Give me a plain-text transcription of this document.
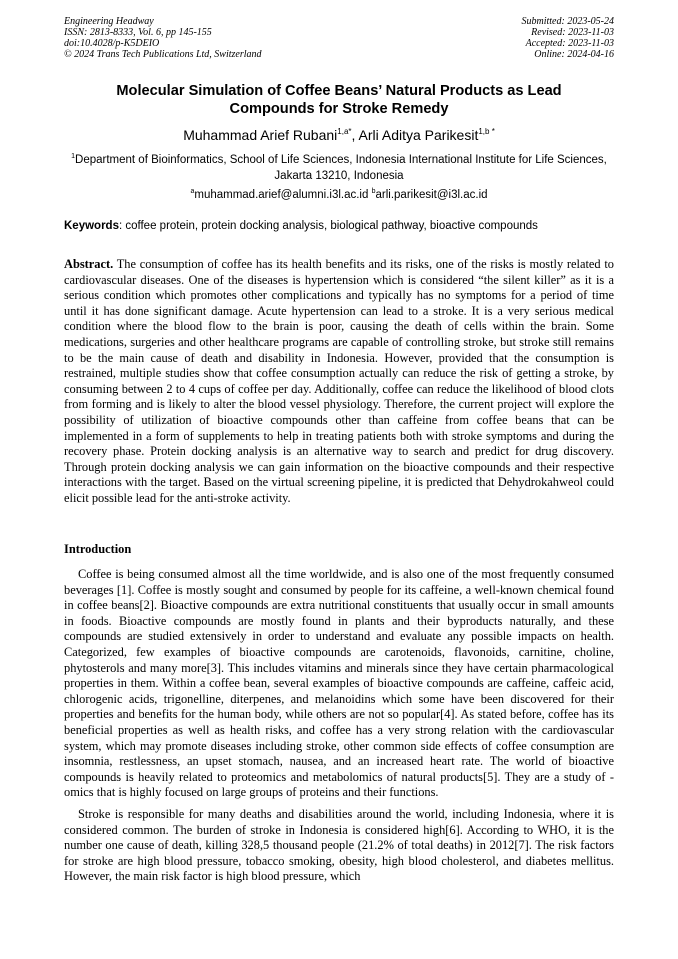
Engineering Headway
ISSN: 2813-8333, Vol. 6, pp 145-155
doi:10.4028/p-K5DEIO
© 2024 Trans Tech Publications Ltd, Switzerland
Submitted: 2023-05-24
Revised: 2023-11-03
Accepted: 2023-11-03
Online: 2024-04-16
Molecular Simulation of Coffee Beans’ Natural Products as Lead Compounds for Stroke Remedy
Muhammad Arief Rubani$^{1,a*}$, Arli Aditya Parikesit$^{1,b *}$
$^1$Department of Bioinformatics, School of Life Sciences, Indonesia International Institute for Life Sciences, Jakarta 13210, Indonesia
$^a$muhammad.arief@alumni.i3l.ac.id $^b$arli.parikesit@i3l.ac.id
Keywords: coffee protein, protein docking analysis, biological pathway, bioactive compounds
Abstract. The consumption of coffee has its health benefits and its risks, one of the risks is mostly related to cardiovascular diseases. One of the diseases is hypertension which is considered “the silent killer” as it is a serious condition which promotes other complications and typically has no symptoms for a period of time until it has done significant damage. Acute hypertension can lead to a stroke. It is a very serious medical condition where the blood flow to the brain is poor, causing the death of cells within the brain. Some medications, surgeries and other healthcare programs are capable of controlling stroke, but stroke still remains to be the main cause of death and disability in Indonesia. However, provided that the consumption is restrained, multiple studies show that coffee consumption actually can reduce the risk of getting a stroke, by consuming between 2 to 4 cups of coffee per day. Additionally, coffee can reduce the likelihood of blood clots from forming and is likely to alter the blood vessel physiology. Therefore, the current project will explore the possibility of utilization of bioactive compounds other than caffeine from coffee beans that can be implemented in a form of supplements to help in treating patients both with stroke symptoms and during the recovery phase. Protein docking analysis is an alternative way to search and predict for drug discovery. Through protein docking analysis we can gain information on the bioactive compounds and their respective interactions with the target. Based on the virtual screening pipeline, it is predicted that Dehydrokahweol could elicit possible lead for the anti-stroke activity.
Introduction

Coffee is being consumed almost all the time worldwide, and is also one of the most frequently consumed beverages [1]. Coffee is mostly sought and consumed by people for its caffeine, a well-known chemical found in coffee beans[2]. Bioactive compounds are extra nutritional constituents that usually occur in small amounts in foods. Bioactive compounds are mostly found in plants and their byproducts naturally, and these compounds are studied extensively in order to understand and evaluate any possible impacts on health. Categorized, few examples of bioactive compounds are carotenoids, flavonoids, carnitine, choline, phytosterols and many more[3]. This includes vitamins and minerals since they have certain pharmacological properties in them. Within a coffee bean, several examples of bioactive compounds are caffeine, caffeic acid, chlorogenic acids, trigonelline, diterpenes, and melanoidins which some have been discovered for their properties and benefits for the human body, while others are not so popular[4]. As stated before, coffee has its beneficial properties as well as health risks, and coffee has a very strong relation with the cardiovascular system, which may promote diseases including stroke, other common side effects of coffee consumption are insomnia, restlessness, an upset stomach, nausea, and an increased heart rate. The world of bioactive compounds is heavily related to proteomics and metabolomics of natural products[5]. They are a study of -omics that is highly focused on large groups of proteins and their functions.

Stroke is responsible for many deaths and disabilities around the world, including Indonesia, where it is considered common. The burden of stroke in Indonesia is considered high[6]. According to WHO, it is the number one cause of death, killing 328,5 thousand people (21.2% of total deaths) in 2012[7]. The risk factors for stroke are high blood pressure, tobacco smoking, obesity, high blood cholesterol, and diabetes mellitus. However, the main risk factor is high blood pressure, which
